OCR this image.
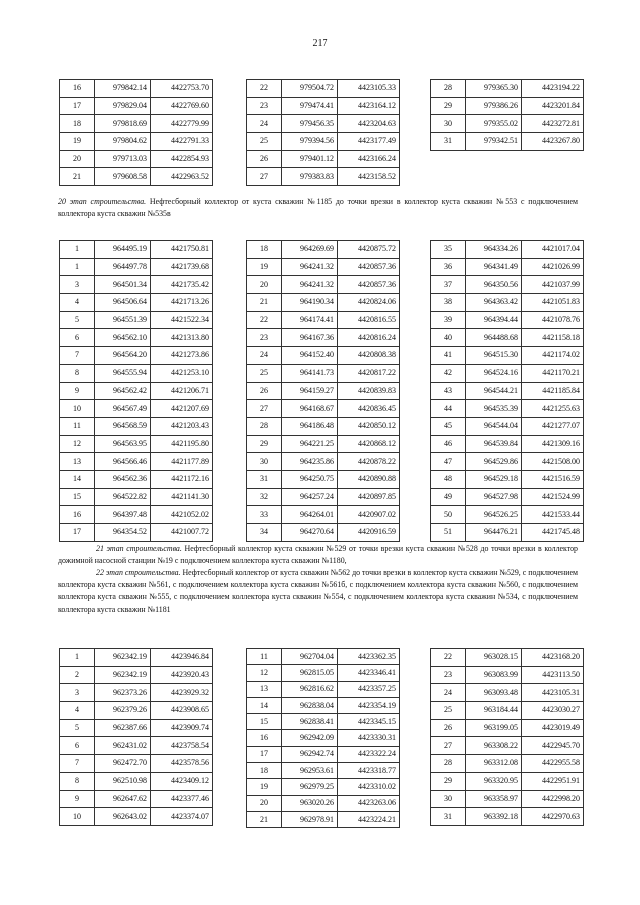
217
16	979842.14	4422753.70
17	979829.04	4422769.60
18	979818.69	4422779.99
19	979804.62	4422791.33
20	979713.03	4422854.93
21	979608.58	4422963.52
22	979504.72	4423105.33
23	979474.41	4423164.12
24	979456.35	4423204.63
25	979394.56	4423177.49
26	979401.12	4423166.24
27	979383.83	4423158.52
28	979365.30	4423194.22
29	979386.26	4423201.84
30	979355.02	4423272.81
31	979342.51	4423267.80
20 этап строительства. Нефтесборный коллектор от куста скважин №1185 до точки врезки в коллектор куста скважин №553 с подключением коллектора куста скважин №535в
1	964495.19	4421750.81
1	964497.78	4421739.68
3	964501.34	4421735.42
4	964506.64	4421713.26
5	964551.39	4421522.34
6	964562.10	4421313.80
7	964564.20	4421273.86
8	964555.94	4421253.10
9	964562.42	4421206.71
10	964567.49	4421207.69
11	964568.59	4421203.43
12	964563.95	4421195.80
13	964566.46	4421177.89
14	964562.36	4421172.16
15	964522.82	4421141.30
16	964397.48	4421052.02
17	964354.52	4421007.72
18	964269.69	4420875.72
19	964241.32	4420857.36
20	964241.32	4420857.36
21	964190.34	4420824.06
22	964174.41	4420816.55
23	964167.36	4420816.24
24	964152.40	4420808.38
25	964141.73	4420817.22
26	964159.27	4420839.83
27	964168.67	4420836.45
28	964186.48	4420850.12
29	964221.25	4420868.12
30	964235.86	4420878.22
31	964250.75	4420890.88
32	964257.24	4420897.85
33	964264.01	4420907.02
34	964270.64	4420916.59
35	964334.26	4421017.04
36	964341.49	4421026.99
37	964350.56	4421037.99
38	964363.42	4421051.83
39	964394.44	4421078.76
40	964488.68	4421158.18
41	964515.30	4421174.02
42	964524.16	4421170.21
43	964544.21	4421185.84
44	964535.39	4421255.63
45	964544.04	4421277.07
46	964539.84	4421309.16
47	964529.86	4421508.00
48	964529.18	4421516.59
49	964527.98	4421524.99
50	964526.25	4421533.44
51	964476.21	4421745.48
21 этап строительства. Нефтесборный коллектор куста скважин №529 от точки врезки куста скважин №528 до точки врезки в коллектор дожимной насосной станции №19 с подключением коллектора куста скважин №1180,
22 этап строительства. Нефтесборный коллектор от куста скважин №562 до точки врезки в коллектор куста скважин №529, с подключением коллектора куста скважин №561, с подключением коллектора куста скважин №561б, с подключением коллектора куста скважин №560, с подключением коллектора куста скважин №555, с подключением коллектора куста скважин №554, с подключением коллектора куста скважин №534, с подключением коллектора куста скважин №1181
1	962342.19	4423946.84
2	962342.19	4423920.43
3	962373.26	4423929.32
4	962379.26	4423908.65
5	962387.66	4423909.74
6	962431.02	4423758.54
7	962472.70	4423578.56
8	962510.98	4423409.12
9	962647.62	4423377.46
10	962643.02	4423374.07
11	962704.04	4423362.35
12	962815.05	4423346.41
13	962816.62	4423357.25
14	962838.04	4423354.19
15	962838.41	4423345.15
16	962942.09	4423330.31
17	962942.74	4423322.24
18	962953.61	4423318.77
19	962979.25	4423310.02
20	963020.26	4423263.06
21	962978.91	4423224.21
22	963028.15	4423168.20
23	963083.99	4423113.50
24	963093.48	4423105.31
25	963184.44	4423030.27
26	963199.05	4423019.49
27	963308.22	4422945.70
28	963312.08	4422955.58
29	963320.95	4422951.91
30	963358.97	4422998.20
31	963392.18	4422970.63
